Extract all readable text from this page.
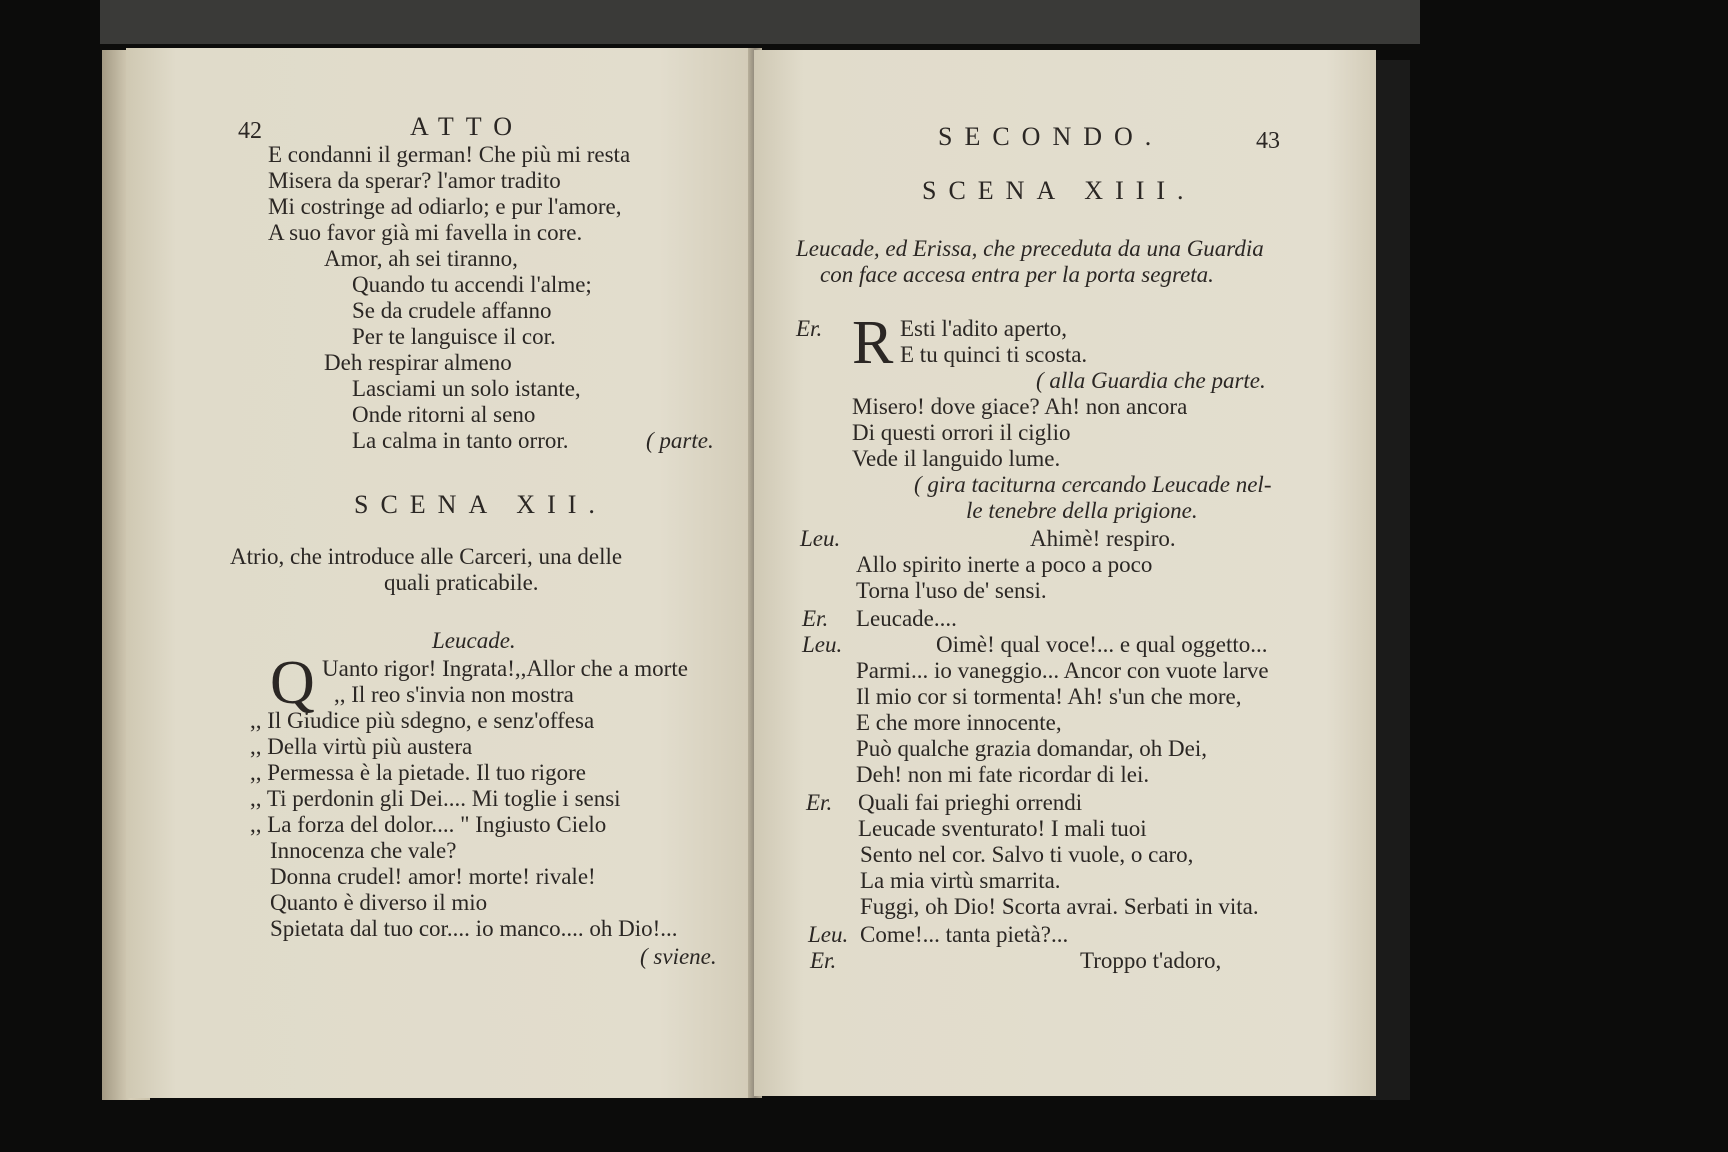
42	ATTO
E condanni il german! Che più mi resta
Misera da sperar? l'amor tradito
Mi costringe ad odiarlo; e pur l'amore,
A suo favor già mi favella in core.
Amor, ah sei tiranno,
Quando tu accendi l'alme;
Se da crudele affanno
Per te languisce il cor.
Deh respirar almeno
Lasciami un solo istante,
Onde ritorni al seno
La calma in tanto orror.	( parte.
SCENA XII.
Atrio, che introduce alle Carceri, una delle
quali praticabile.
Leucade.
Q Uanto rigor! Ingrata!,,Allor che a morte
,, Il reo s'invia non mostra
,, Il Giudice più sdegno, e senz'offesa
,, Della virtù più austera
,, Permessa è la pietade. Il tuo rigore
,, Ti perdonin gli Dei.... Mi toglie i sensi
,, La forza del dolor.... " Ingiusto Cielo
Innocenza che vale?
Donna crudel! amor! morte! rivale!
Quanto è diverso il mio
Spietata dal tuo cor.... io manco.... oh Dio!...
( sviene.
SECONDO.	43
SCENA XIII.
Leucade, ed Erissa, che preceduta da una Guardia
con face accesa entra per la porta segreta.
R
Er.	Esti l'adito aperto,
E tu quinci ti scosta.
( alla Guardia che parte.
Misero! dove giace? Ah! non ancora
Di questi orrori il ciglio
Vede il languido lume.
( gira taciturna cercando Leucade nel-
le tenebre della prigione.
Leu.	Ahimè! respiro.
Allo spirito inerte a poco a poco
Torna l'uso de' sensi.
Er. Leucade....
Leu.	Oimè! qual voce!... e qual oggetto...
Parmi... io vaneggio... Ancor con vuote larve
Il mio cor si tormenta! Ah! s'un che more,
E che more innocente,
Può qualche grazia domandar, oh Dei,
Deh! non mi fate ricordar di lei.
Er. Quali fai prieghi orrendi
Leucade sventurato! I mali tuoi
Sento nel cor. Salvo ti vuole, o caro,
La mia virtù smarrita.
Fuggi, oh Dio! Scorta avrai. Serbati in vita.
Leu. Come!... tanta pietà?...
Er.	Troppo t'adoro,
